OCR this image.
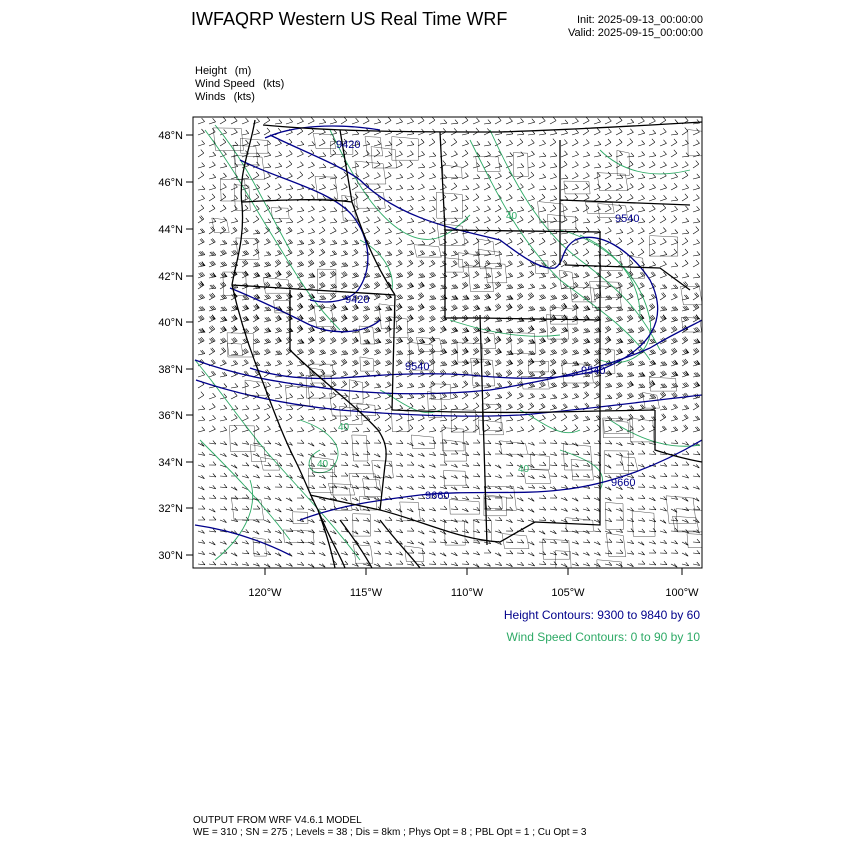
IWFAQRP Western US Real Time WRF	Init: 2025-09-13_00:00:00
Valid: 2025-09-15_00:00:00
Height (m)
Wind Speed (kts)
Winds (kts)
48°N
46°N
44°N
42°N
40°N
38°N
36°N
34°N
32°N
30°N
120°W	115°W	110°W	105°W	100°W
9420
9420
9540	9540
9540
9660
9660
40
40	40
40
Height Contours: 9300 to 9840 by 60
Wind Speed Contours: 0 to 90 by 10
OUTPUT FROM WRF V4.6.1 MODEL
WE = 310 ; SN = 275 ; Levels = 38 ; Dis = 8km ; Phys Opt = 8 ; PBL Opt = 1 ; Cu Opt = 3
